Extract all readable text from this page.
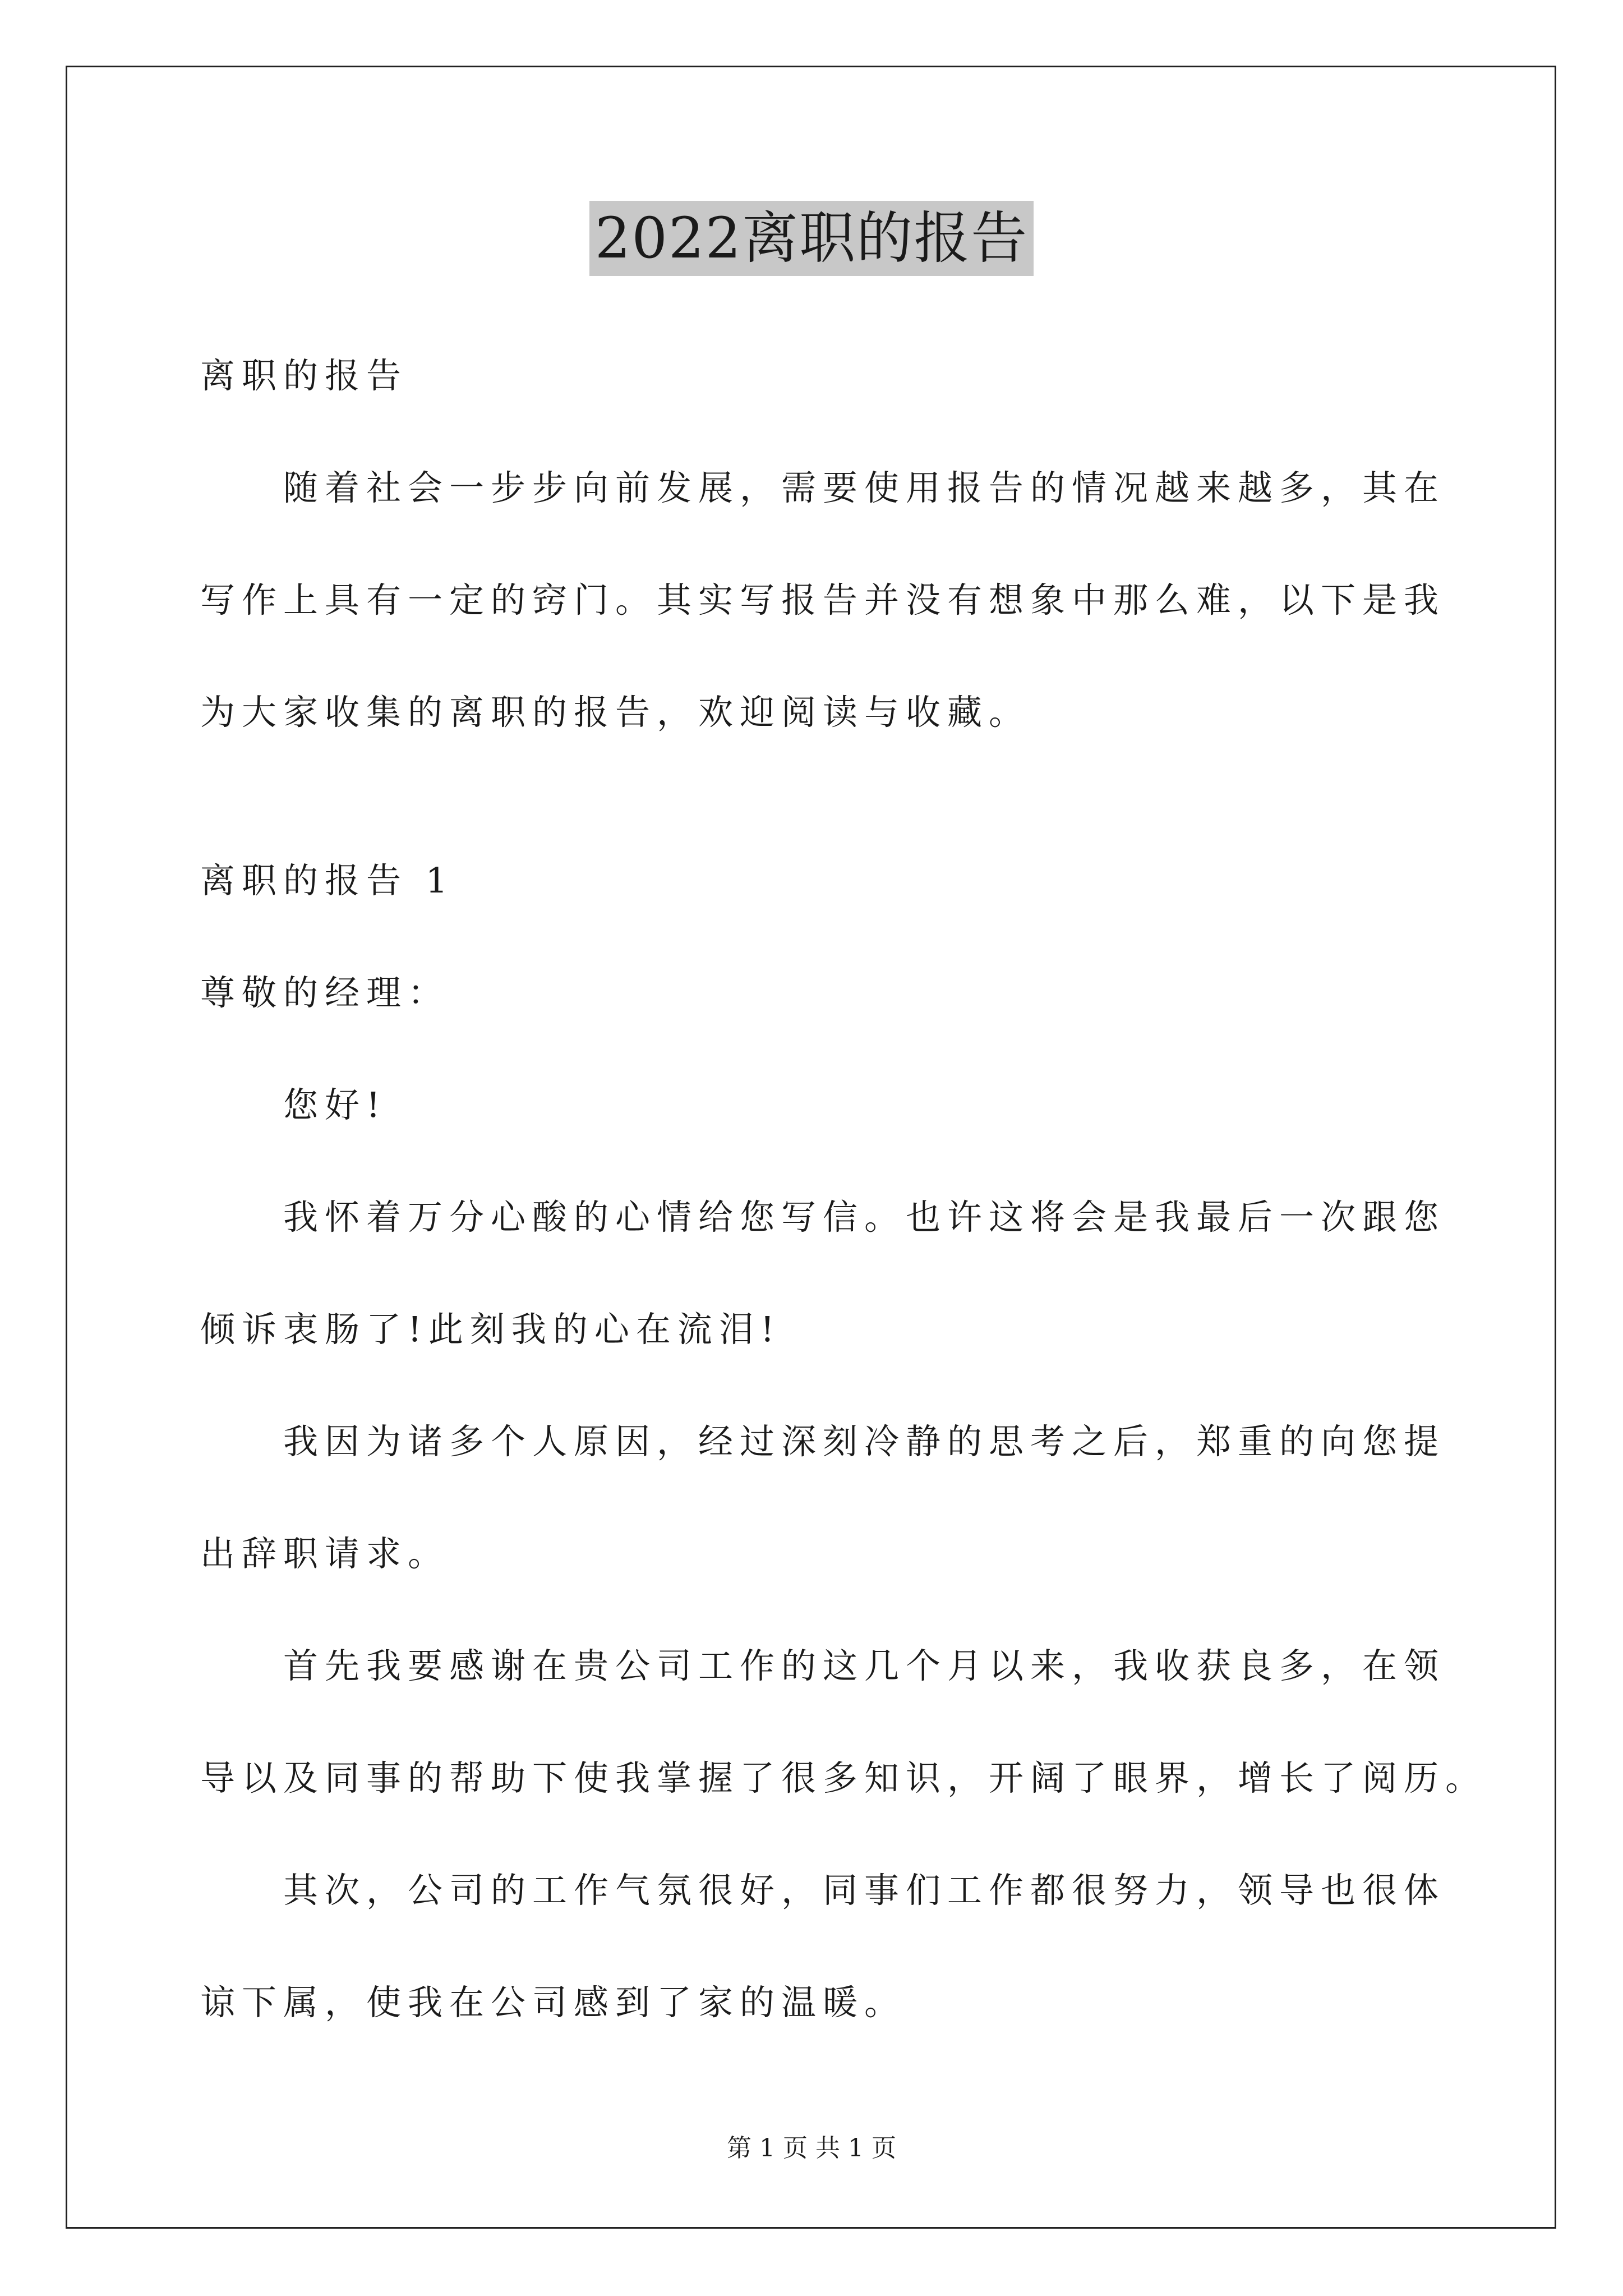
2022离职的报告
离职的报告
随着社会一步步向前发展，需要使用报告的情况越来越多，其在
写作上具有一定的窍门。其实写报告并没有想象中那么难，以下是我
为大家收集的离职的报告，欢迎阅读与收藏。
离职的报告 1
尊敬的经理：
您好!
我怀着万分心酸的心情给您写信。也许这将会是我最后一次跟您
倾诉衷肠了!此刻我的心在流泪!
我因为诸多个人原因，经过深刻冷静的思考之后，郑重的向您提
出辞职请求。
首先我要感谢在贵公司工作的这几个月以来，我收获良多，在领
导以及同事的帮助下使我掌握了很多知识，开阔了眼界，增长了阅历。
其次，公司的工作气氛很好，同事们工作都很努力，领导也很体
谅下属，使我在公司感到了家的温暖。
第 1 页 共 1 页
